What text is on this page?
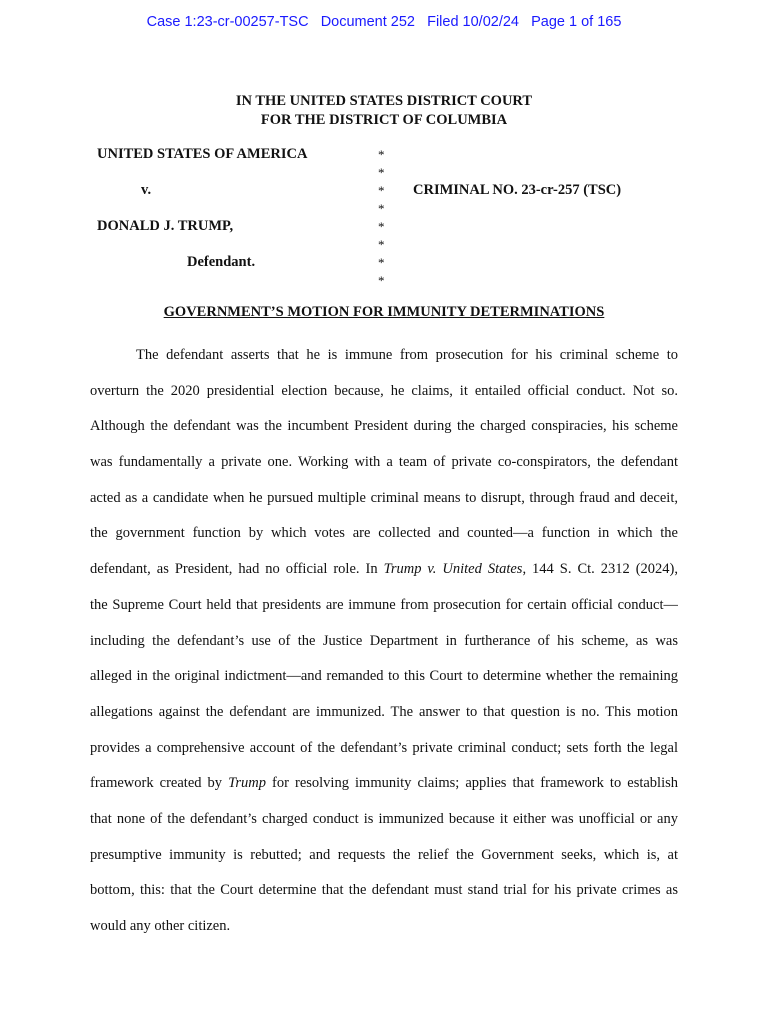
Case 1:23-cr-00257-TSC Document 252 Filed 10/02/24 Page 1 of 165
IN THE UNITED STATES DISTRICT COURT
FOR THE DISTRICT OF COLUMBIA
UNITED STATES OF AMERICA
v.
DONALD J. TRUMP,
Defendant.
*
*
*
*
*
*
*
*
CRIMINAL NO. 23-cr-257 (TSC)
GOVERNMENT’S MOTION FOR IMMUNITY DETERMINATIONS
The defendant asserts that he is immune from prosecution for his criminal scheme to
overturn the 2020 presidential election because, he claims, it entailed official conduct. Not so.
Although the defendant was the incumbent President during the charged conspiracies, his scheme
was fundamentally a private one. Working with a team of private co-conspirators, the defendant
acted as a candidate when he pursued multiple criminal means to disrupt, through fraud and deceit,
the government function by which votes are collected and counted—a function in which the
defendant, as President, had no official role. In Trump v. United States, 144 S. Ct. 2312 (2024),
the Supreme Court held that presidents are immune from prosecution for certain official conduct—
including the defendant’s use of the Justice Department in furtherance of his scheme, as was
alleged in the original indictment—and remanded to this Court to determine whether the remaining
allegations against the defendant are immunized. The answer to that question is no. This motion
provides a comprehensive account of the defendant’s private criminal conduct; sets forth the legal
framework created by Trump for resolving immunity claims; applies that framework to establish
that none of the defendant’s charged conduct is immunized because it either was unofficial or any
presumptive immunity is rebutted; and requests the relief the Government seeks, which is, at
bottom, this: that the Court determine that the defendant must stand trial for his private crimes as
would any other citizen.
